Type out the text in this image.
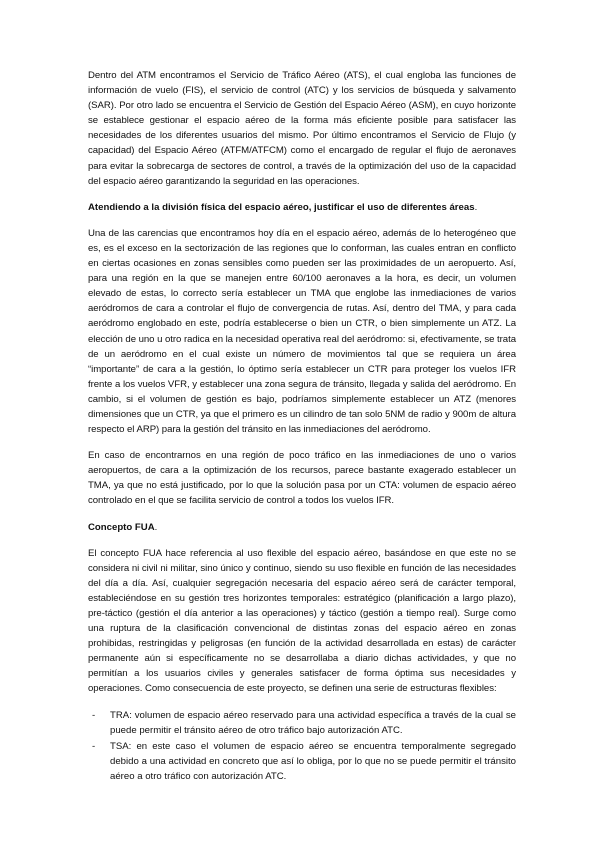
Dentro del ATM encontramos el Servicio de Tráfico Aéreo (ATS), el cual engloba las funciones de información de vuelo (FIS), el servicio de control (ATC) y los servicios de búsqueda y salvamento (SAR). Por otro lado se encuentra el Servicio de Gestión del Espacio Aéreo (ASM), en cuyo horizonte se establece gestionar el espacio aéreo de la forma más eficiente posible para satisfacer las necesidades de los diferentes usuarios del mismo. Por último encontramos el Servicio de Flujo (y capacidad) del Espacio Aéreo (ATFM/ATFCM) como el encargado de regular el flujo de aeronaves para evitar la sobrecarga de sectores de control, a través de la optimización del uso de la capacidad del espacio aéreo garantizando la seguridad en las operaciones.

Atendiendo a la división física del espacio aéreo, justificar el uso de diferentes áreas.

Una de las carencias que encontramos hoy día en el espacio aéreo, además de lo heterogéneo que es, es el exceso en la sectorización de las regiones que lo conforman, las cuales entran en conflicto en ciertas ocasiones en zonas sensibles como pueden ser las proximidades de un aeropuerto. Así, para una región en la que se manejen entre 60/100 aeronaves a la hora, es decir, un volumen elevado de estas, lo correcto sería establecer un TMA que englobe las inmediaciones de varios aeródromos de cara a controlar el flujo de convergencia de rutas. Así, dentro del TMA, y para cada aeródromo englobado en este, podría establecerse o bien un CTR, o bien simplemente un ATZ. La elección de uno u otro radica en la necesidad operativa real del aeródromo: si, efectivamente, se trata de un aeródromo en el cual existe un número de movimientos tal que se requiera un área “importante” de cara a la gestión, lo óptimo sería establecer un CTR para proteger los vuelos IFR frente a los vuelos VFR, y establecer una zona segura de tránsito, llegada y salida del aeródromo. En cambio, si el volumen de gestión es bajo, podríamos simplemente establecer un ATZ (menores dimensiones que un CTR, ya que el primero es un cilindro de tan solo 5NM de radio y 900m de altura respecto el ARP) para la gestión del tránsito en las inmediaciones del aeródromo.

En caso de encontrarnos en una región de poco tráfico en las inmediaciones de uno o varios aeropuertos, de cara a la optimización de los recursos, parece bastante exagerado establecer un TMA, ya que no está justificado, por lo que la solución pasa por un CTA: volumen de espacio aéreo controlado en el que se facilita servicio de control a todos los vuelos IFR.

Concepto FUA.

El concepto FUA hace referencia al uso flexible del espacio aéreo, basándose en que este no se considera ni civil ni militar, sino único y continuo, siendo su uso flexible en función de las necesidades del día a día. Así, cualquier segregación necesaria del espacio aéreo será de carácter temporal, estableciéndose en su gestión tres horizontes temporales: estratégico (planificación a largo plazo), pre-táctico (gestión el día anterior a las operaciones) y táctico (gestión a tiempo real). Surge como una ruptura de la clasificación convencional de distintas zonas del espacio aéreo en zonas prohibidas, restringidas y peligrosas (en función de la actividad desarrollada en estas) de carácter permanente aún si específicamente no se desarrollaba a diario dichas actividades, y que no permitían a los usuarios civiles y generales satisfacer de forma óptima sus necesidades y operaciones. Como consecuencia de este proyecto, se definen una serie de estructuras flexibles:

- TRA: volumen de espacio aéreo reservado para una actividad específica a través de la cual se puede permitir el tránsito aéreo de otro tráfico bajo autorización ATC.
- TSA: en este caso el volumen de espacio aéreo se encuentra temporalmente segregado debido a una actividad en concreto que así lo obliga, por lo que no se puede permitir el tránsito aéreo a otro tráfico con autorización ATC.
